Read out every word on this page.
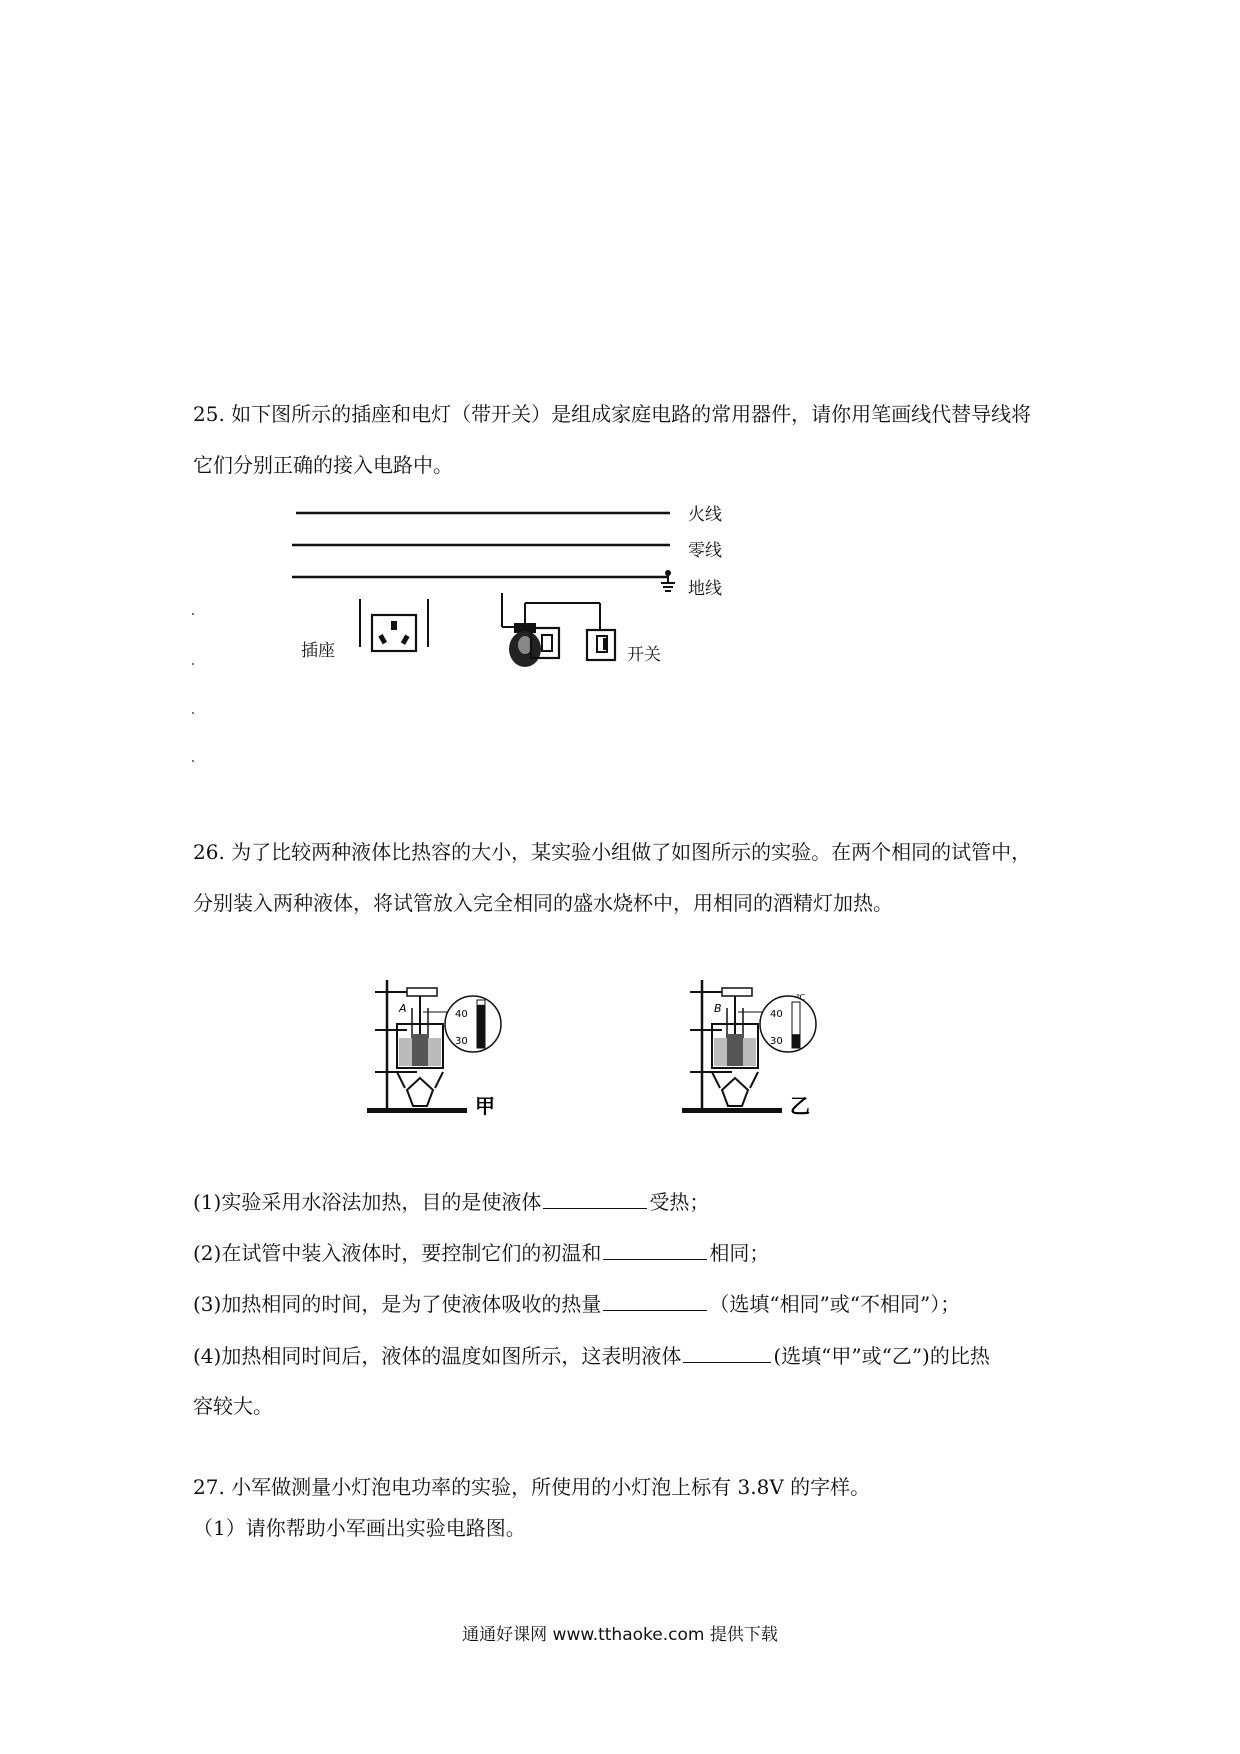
25. 如下图所示的插座和电灯（带开关）是组成家庭电路的常用器件，请你用笔画线代替导线将
它们分别正确的接入电路中。
火线
零线
地线
插座	开关
26. 为了比较两种液体比热容的大小，某实验小组做了如图所示的实验。在两个相同的试管中，
分别装入两种液体，将试管放入完全相同的盛水烧杯中，用相同的酒精灯加热。
A	40
30
甲
B
℃
40
30
乙
(1)实验采用水浴法加热，目的是使液体	受热；
(2)在试管中装入液体时，要控制它们的初温和	相同；
(3)加热相同的时间，是为了使液体吸收的热量	（选填“相同”或“不相同”）；
(4)加热相同时间后，液体的温度如图所示，这表明液体	(选填“甲”或“乙”)的比热
容较大。
27. 小军做测量小灯泡电功率的实验，所使用的小灯泡上标有 3.8V 的字样。
（1）请你帮助小军画出实验电路图。
通通好课网 www.tthaoke.com 提供下载
